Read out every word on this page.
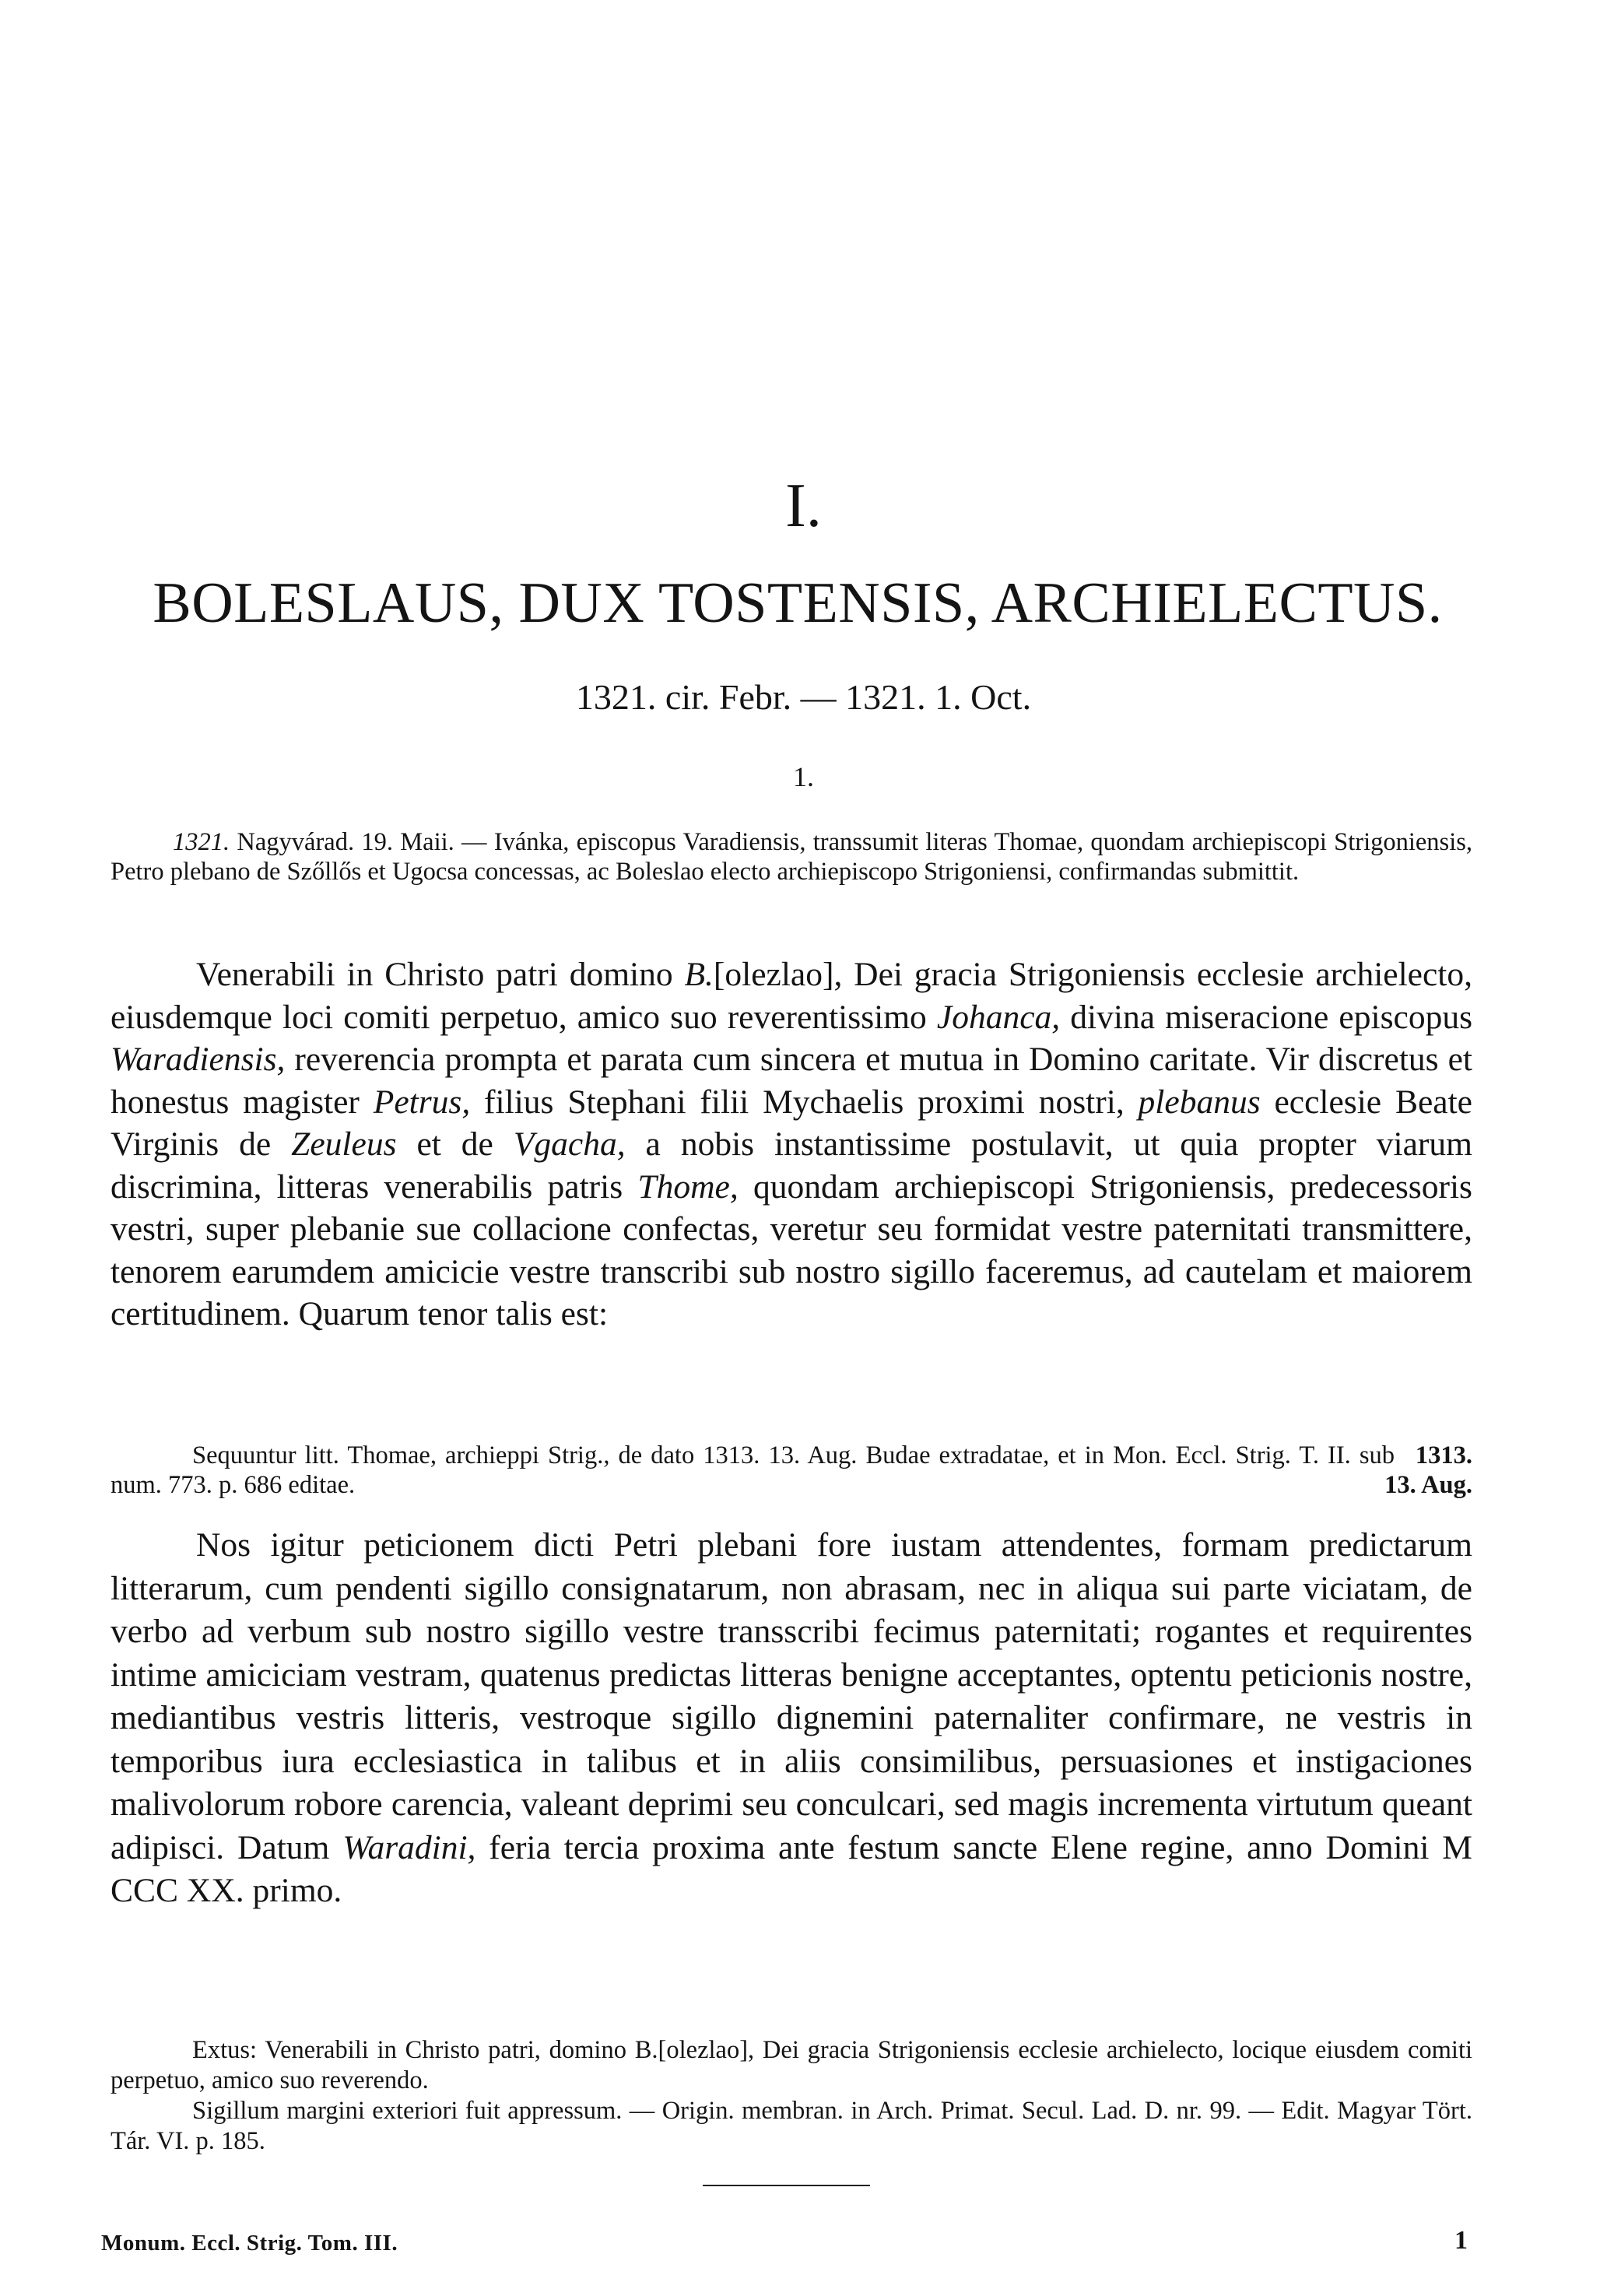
I.
BOLESLAUS, DUX TOSTENSIS, ARCHIELECTUS.
1321. cir. Febr. — 1321. 1. Oct.
1.
1321. Nagyvárad. 19. Maii. — Ivánka, episcopus Varadiensis, transsumit literas Thomae, quondam archiepiscopi Strigoniensis, Petro plebano de Szőllős et Ugocsa concessas, ac Boleslao electo archiepiscopo Strigoniensi, confirmandas submittit.
Venerabili in Christo patri domino B.[olezlao], Dei gracia Strigoniensis ecclesie archielecto, eiusdemque loci comiti perpetuo, amico suo reverentissimo Johanca, divina miseracione episcopus Waradiensis, reverencia prompta et parata cum sincera et mutua in Domino caritate. Vir discretus et honestus magister Petrus, filius Stephani filii Mychaelis proximi nostri, plebanus ecclesie Beate Virginis de Zeuleus et de Vgacha, a nobis instantissime postulavit, ut quia propter viarum discrimina, litteras venerabilis patris Thome, quondam archiepiscopi Strigoniensis, predecessoris vestri, super plebanie sue collacione confectas, veretur seu formidat vestre paternitati transmittere, tenorem earumdem amicicie vestre transcribi sub nostro sigillo faceremus, ad cautelam et maiorem certitudinem. Quarum tenor talis est:
Sequuntur litt. Thomae, archieppi Strig., de dato 1313. 13. Aug. Budae extradatae, et in Mon. Eccl. Strig. T. II. sub num. 773. p. 686 editae.
1313.
13. Aug.
Nos igitur peticionem dicti Petri plebani fore iustam attendentes, formam predictarum litterarum, cum pendenti sigillo consignatarum, non abrasam, nec in aliqua sui parte viciatam, de verbo ad verbum sub nostro sigillo vestre transscribi fecimus paternitati; rogantes et requirentes intime amiciciam vestram, quatenus predictas litteras benigne acceptantes, optentu peticionis nostre, mediantibus vestris litteris, vestroque sigillo dignemini paternaliter confirmare, ne vestris in temporibus iura ecclesiastica in talibus et in aliis consimilibus, persuasiones et instigaciones malivolorum robore carencia, valeant deprimi seu conculcari, sed magis incrementa virtutum queant adipisci. Datum Waradini, feria tercia proxima ante festum sancte Elene regine, anno Domini M CCC XX. primo.
Extus: Venerabili in Christo patri, domino B.[olezlao], Dei gracia Strigoniensis ecclesie archielecto, locique eiusdem comiti perpetuo, amico suo reverendo.
Sigillum margini exteriori fuit appressum. — Origin. membran. in Arch. Primat. Secul. Lad. D. nr. 99. — Edit. Magyar Tört. Tár. VI. p. 185.
Monum. Eccl. Strig. Tom. III.	1
